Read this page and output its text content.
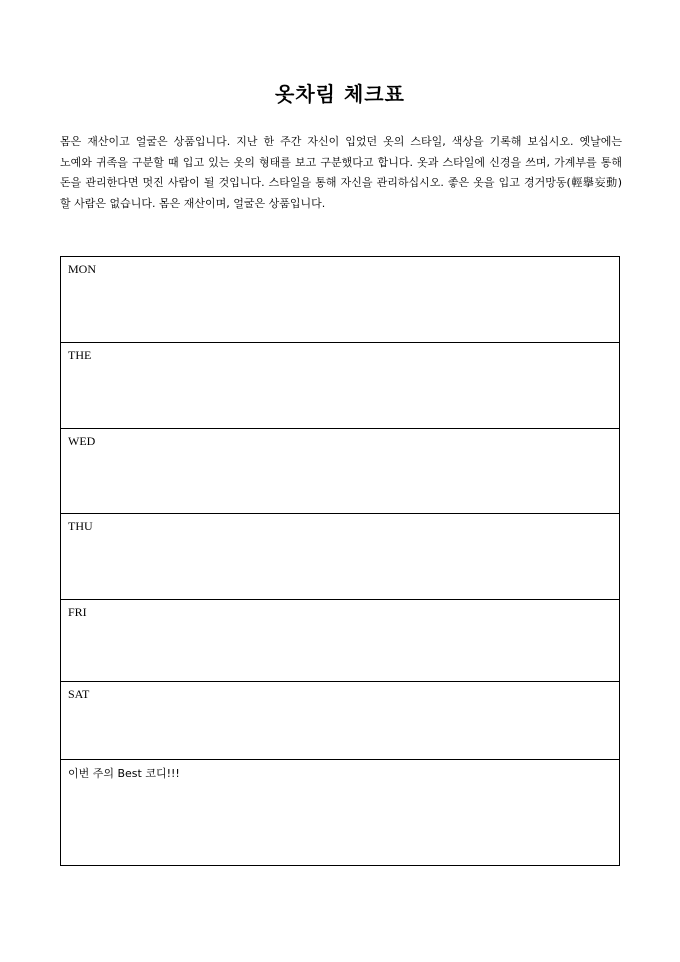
옷차림 체크표

몸은 재산이고 얼굴은 상품입니다. 지난 한 주간 자신이 입었던 옷의 스타일, 색상을 기록해 보십시오. 옛날에는 노예와 귀족을 구분할 때 입고 있는 옷의 형태를 보고 구분했다고 합니다. 옷과 스타일에 신경을 쓰며, 가계부를 통해 돈을 관리한다면 멋진 사람이 될 것입니다. 스타일을 통해 자신을 관리하십시오. 좋은 옷을 입고 경거망동(輕擧妄動) 할 사람은 없습니다. 몸은 재산이며, 얼굴은 상품입니다.

MON
THE
WED
THU
FRI
SAT
이번 주의 Best 코디!!!
